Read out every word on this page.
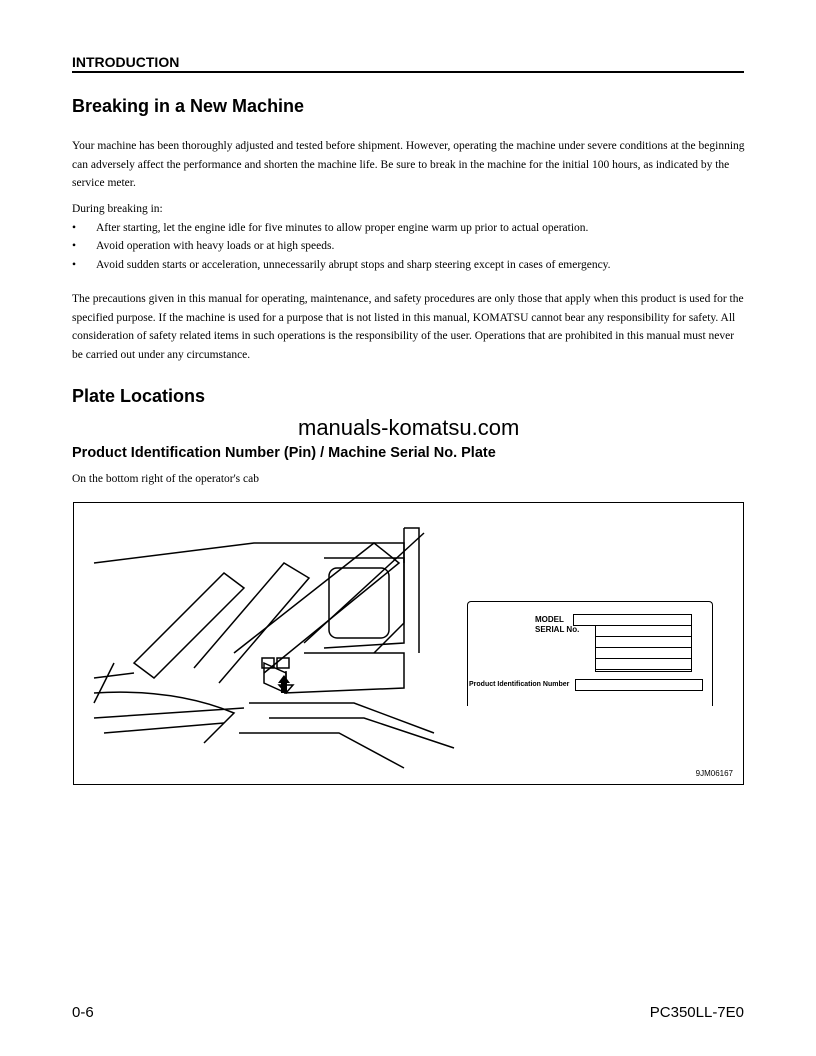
INTRODUCTION
Breaking in a New Machine

Your machine has been thoroughly adjusted and tested before shipment. However, operating the machine under severe conditions at the beginning can adversely affect the performance and shorten the machine life. Be sure to break in the machine for the initial 100 hours, as indicated by the service meter.

During breaking in:
• After starting, let the engine idle for five minutes to allow proper engine warm up prior to actual operation.
• Avoid operation with heavy loads or at high speeds.
• Avoid sudden starts or acceleration, unnecessarily abrupt stops and sharp steering except in cases of emergency.

The precautions given in this manual for operating, maintenance, and safety procedures are only those that apply when this product is used for the specified purpose. If the machine is used for a purpose that is not listed in this manual, KOMATSU cannot bear any responsibility for safety. All consideration of safety related items in such operations is the responsibility of the user. Operations that are prohibited in this manual must never be carried out under any circumstance.

Plate Locations
manuals-komatsu.com
Product Identification Number (Pin) / Machine Serial No. Plate
On the bottom right of the operator's cab
MODEL
SERIAL No.
Product Identification Number
9JM06167
0-6	PC350LL-7E0
